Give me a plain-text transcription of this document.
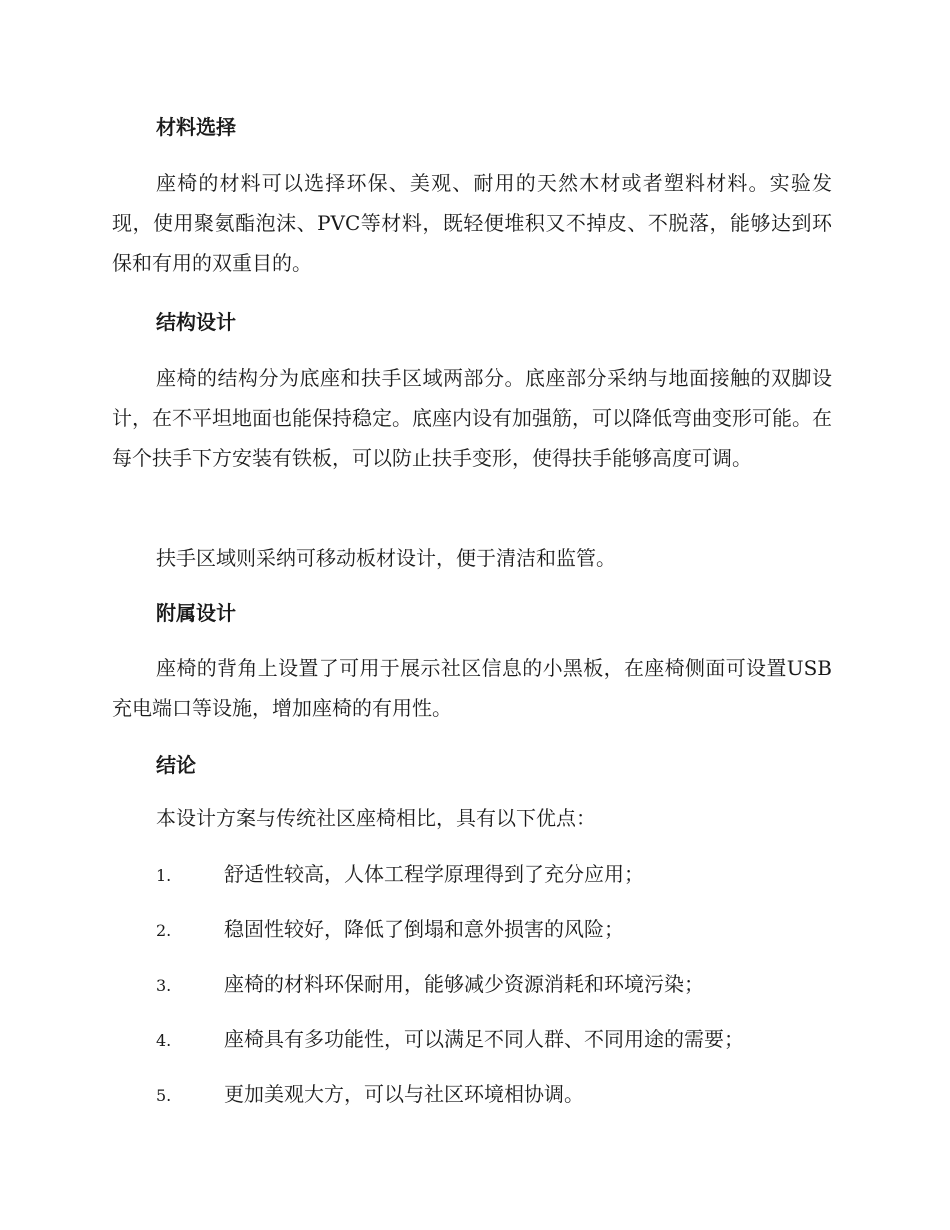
材料选择

座椅的材料可以选择环保、美观、耐用的天然木材或者塑料材料。实验发现，使用聚氨酯泡沫、PVC等材料，既轻便堆积又不掉皮、不脱落，能够达到环保和有用的双重目的。

结构设计

座椅的结构分为底座和扶手区域两部分。底座部分采纳与地面接触的双脚设计，在不平坦地面也能保持稳定。底座内设有加强筋，可以降低弯曲变形可能。在每个扶手下方安装有铁板，可以防止扶手变形，使得扶手能够高度可调。

扶手区域则采纳可移动板材设计，便于清洁和监管。

附属设计

座椅的背角上设置了可用于展示社区信息的小黑板，在座椅侧面可设置USB充电端口等设施，增加座椅的有用性。

结论

本设计方案与传统社区座椅相比，具有以下优点：

1.	舒适性较高，人体工程学原理得到了充分应用；
2.	稳固性较好，降低了倒塌和意外损害的风险；
3.	座椅的材料环保耐用，能够减少资源消耗和环境污染；
4.	座椅具有多功能性，可以满足不同人群、不同用途的需要；
5.	更加美观大方，可以与社区环境相协调。
